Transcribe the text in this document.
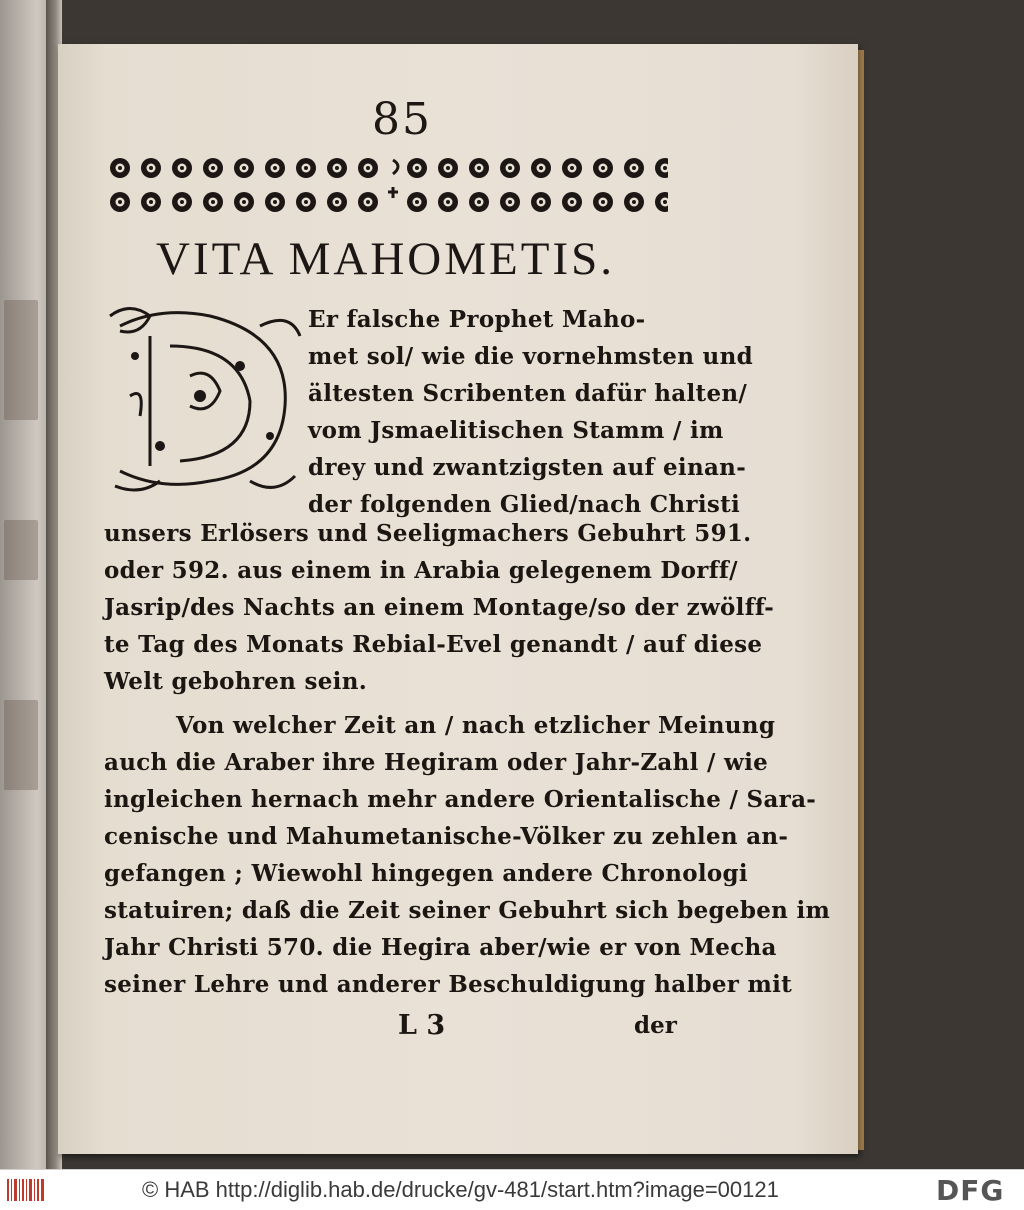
85
VITA MAHOMETIS.
Er falsche Prophet Maho-
met sol/ wie die vornehmsten und
ältesten Scribenten dafür halten/
vom Jsmaelitischen Stamm / im
drey und zwantzigsten auf einan-
der folgenden Glied/nach Christi
unsers Erlösers und Seeligmachers Gebuhrt 591.
oder 592. aus einem in Arabia gelegenem Dorff/
Jasrip/des Nachts an einem Montage/so der zwölff-
te Tag des Monats Rebial-Evel genandt / auf diese
Welt gebohren sein.
Von welcher Zeit an / nach etzlicher Meinung
auch die Araber ihre Hegiram oder Jahr-Zahl / wie
ingleichen hernach mehr andere Orientalische / Sara-
cenische und Mahumetanische-Völker zu zehlen an-
gefangen ; Wiewohl hingegen andere Chronologi
statuiren; daß die Zeit seiner Gebuhrt sich begeben im
Jahr Christi 570. die Hegira aber/wie er von Mecha
seiner Lehre und anderer Beschuldigung halber mit
L 3	der
© HAB http://diglib.hab.de/drucke/gv-481/start.htm?image=00121	DFG
